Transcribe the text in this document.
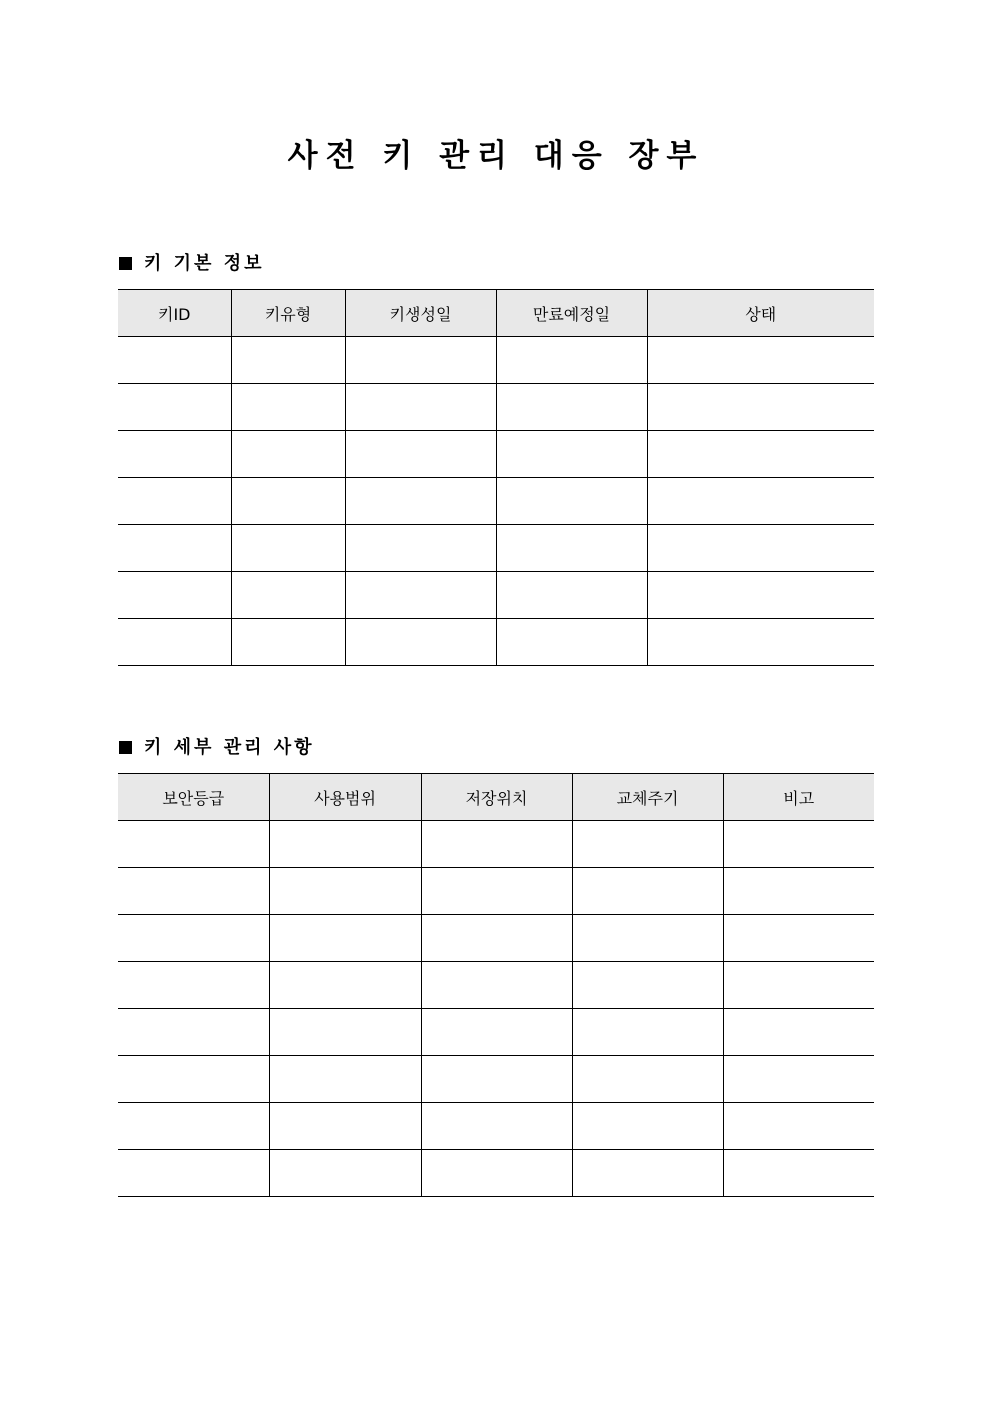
사전 키 관리 대응 장부
키 기본 정보
키ID	키유형	키생성일	만료예정일	상태

키 세부 관리 사항
보안등급	사용범위	저장위치	교체주기	비고
